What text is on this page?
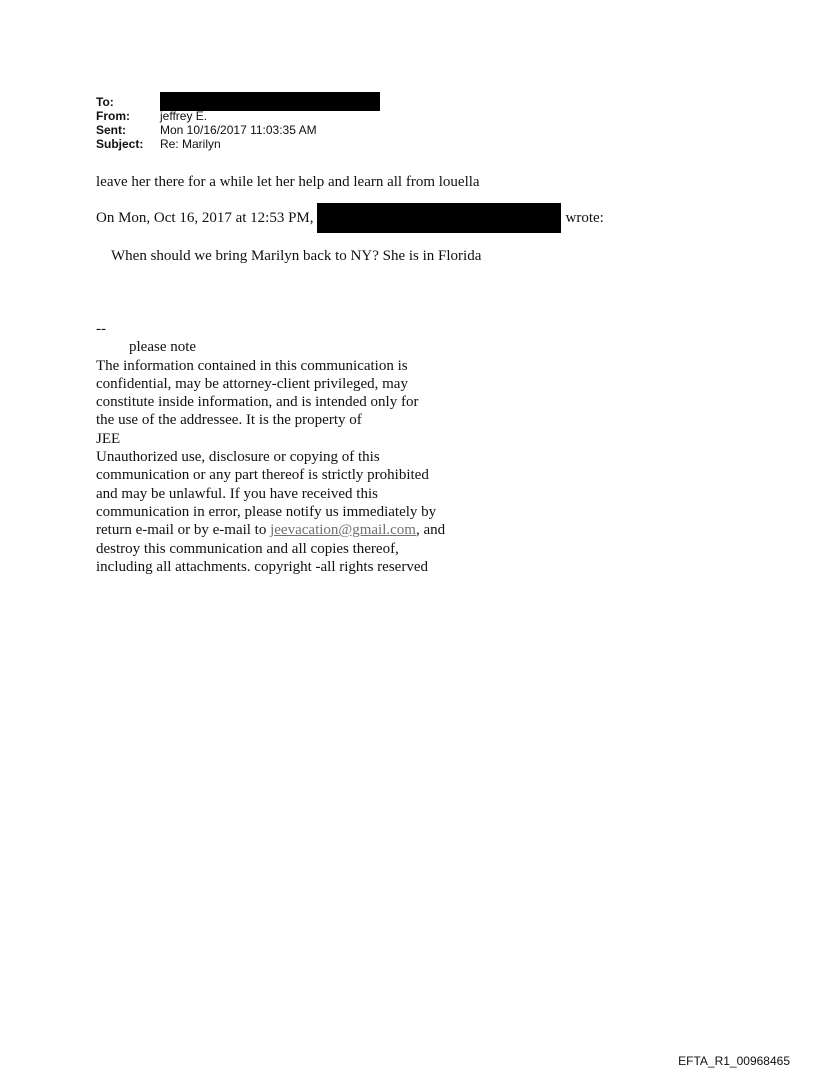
To:
From:	jeffrey E.
Sent:	Mon 10/16/2017 11:03:35 AM
Subject:	Re: Marilyn
leave her there for a while let her help and learn all from louella
On Mon, Oct 16, 2017 at 12:53 PM,	wrote:
When should we bring Marilyn back to NY? She is in Florida

--

please note

The information contained in this communication is

confidential, may be attorney-client privileged, may

constitute inside information, and is intended only for

the use of the addressee. It is the property of

JEE

Unauthorized use, disclosure or copying of this

communication or any part thereof is strictly prohibited

and may be unlawful. If you have received this

communication in error, please notify us immediately by

return e-mail or by e-mail to jeevacation@gmail.com, and

destroy this communication and all copies thereof,

including all attachments. copyright -all rights reserved

EFTA_R1_00968465
